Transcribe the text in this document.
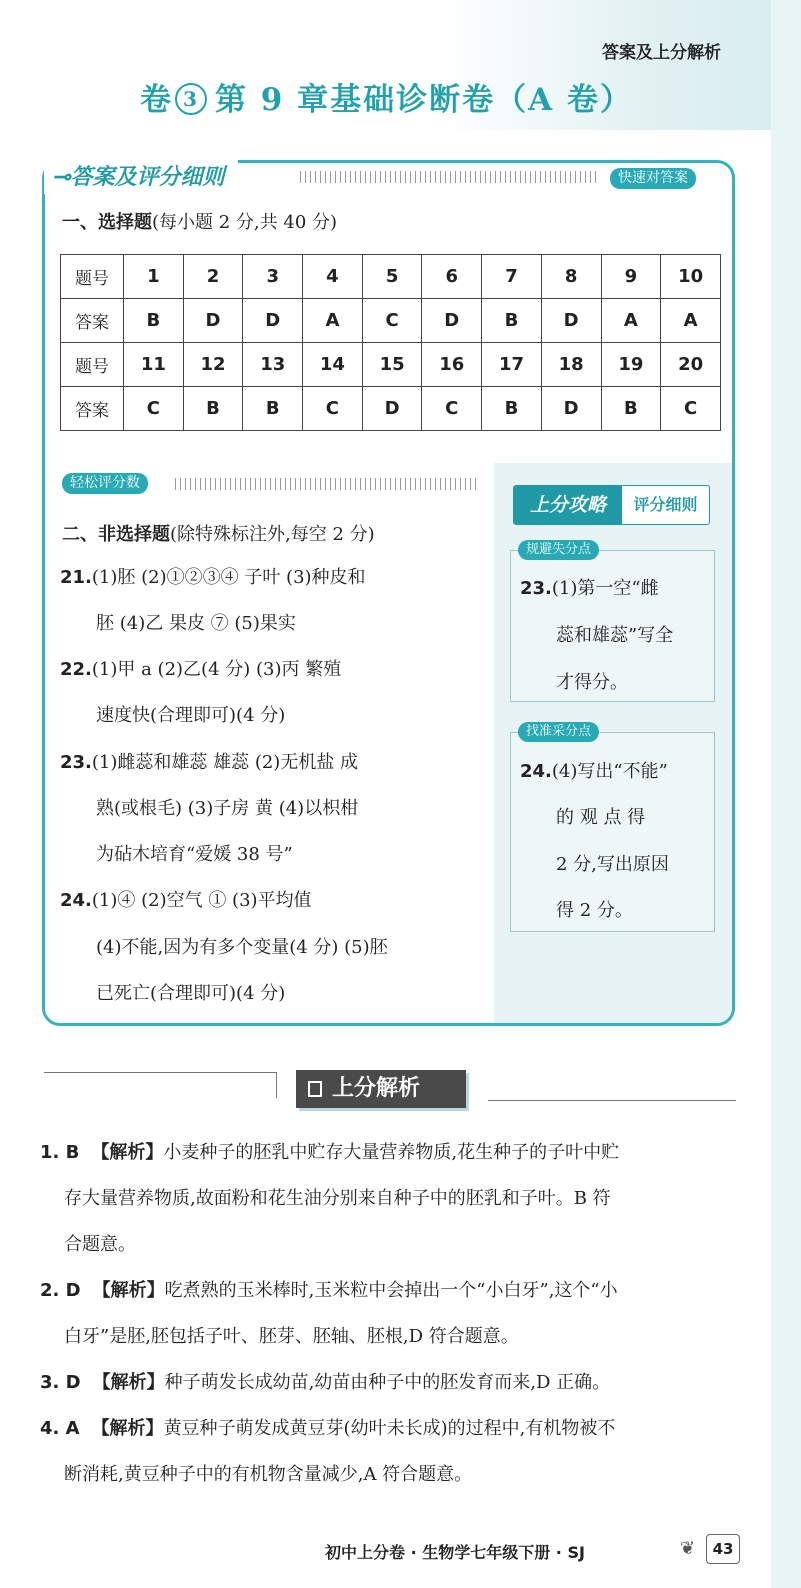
答案及上分解析
卷 3 第 9 章基础诊断卷（A 卷）
⊸答案及评分细则	快速对答案
一、选择题(每小题 2 分,共 40 分)
题号	1	2	3	4	5	6	7	8	9	10
答案	B	D	D	A	C	D	B	D	A	A
题号	11	12	13	14	15	16	17	18	19	20
答案	C	B	B	C	D	C	B	D	B	C
轻松评分数
二、非选择题(除特殊标注外,每空 2 分)
21.(1)胚 (2)①②③④ 子叶 (3)种皮和
胚 (4)乙 果皮 ⑦ (5)果实
22.(1)甲 a (2)乙(4 分) (3)丙 繁殖
速度快(合理即可)(4 分)
23.(1)雌蕊和雄蕊 雄蕊 (2)无机盐 成
熟(或根毛) (3)子房 黄 (4)以枳柑
为砧木培育“爱媛 38 号”
24.(1)④ (2)空气 ① (3)平均值
(4)不能,因为有多个变量(4 分) (5)胚
已死亡(合理即可)(4 分)
上分攻略	评分细则
规避失分点
23.(1)第一空“雌
蕊和雄蕊”写全
才得分。
找准采分点
24.(4)写出“不能”
的 观 点 得
2 分,写出原因
得 2 分。
上分解析
1. B 【解析】小麦种子的胚乳中贮存大量营养物质,花生种子的子叶中贮
存大量营养物质,故面粉和花生油分别来自种子中的胚乳和子叶。B 符
合题意。
2. D 【解析】吃煮熟的玉米棒时,玉米粒中会掉出一个“小白牙”,这个“小
白牙”是胚,胚包括子叶、胚芽、胚轴、胚根,D 符合题意。
3. D 【解析】种子萌发长成幼苗,幼苗由种子中的胚发育而来,D 正确。
4. A 【解析】黄豆种子萌发成黄豆芽(幼叶未长成)的过程中,有机物被不
断消耗,黄豆种子中的有机物含量减少,A 符合题意。
初中上分卷 · 生物学七年级下册 · SJ	❦	43
